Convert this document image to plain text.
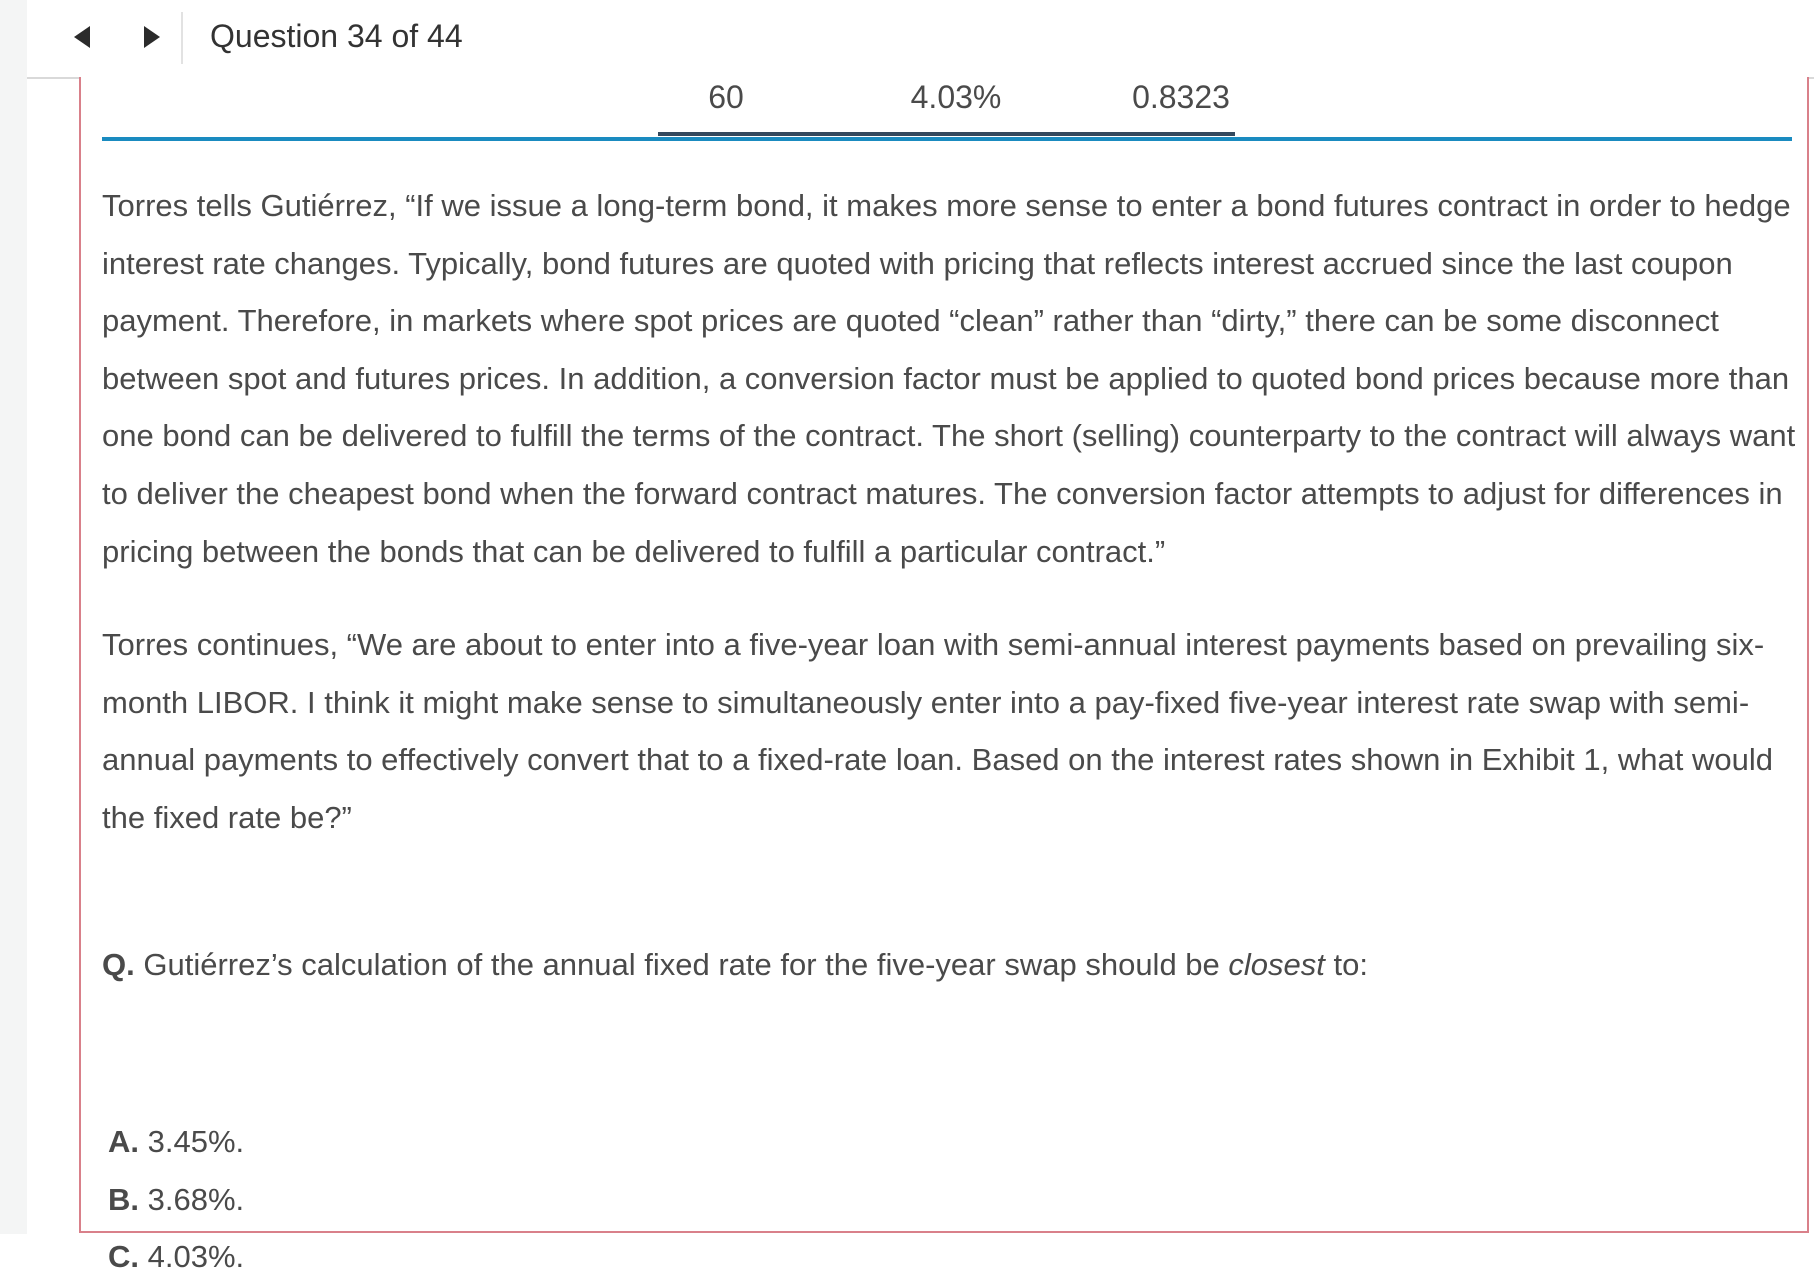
Question 34 of 44
60	4.03%	0.8323

Torres tells Gutiérrez, “If we issue a long-term bond, it makes more sense to enter a bond futures contract in order to hedge interest rate changes. Typically, bond futures are quoted with pricing that reflects interest accrued since the last coupon payment. Therefore, in markets where spot prices are quoted “clean” rather than “dirty,” there can be some disconnect between spot and futures prices. In addition, a conversion factor must be applied to quoted bond prices because more than one bond can be delivered to fulfill the terms of the contract. The short (selling) counterparty to the contract will always want to deliver the cheapest bond when the forward contract matures. The conversion factor attempts to adjust for differences in pricing between the bonds that can be delivered to fulfill a particular contract.”

Torres continues, “We are about to enter into a five-year loan with semi-annual interest payments based on prevailing six-month LIBOR. I think it might make sense to simultaneously enter into a pay-fixed five-year interest rate swap with semi-annual payments to effectively convert that to a fixed-rate loan. Based on the interest rates shown in Exhibit 1, what would the fixed rate be?”

Q. Gutiérrez’s calculation of the annual fixed rate for the five-year swap should be closest to:
A. 3.45%.
B. 3.68%.
C. 4.03%.
